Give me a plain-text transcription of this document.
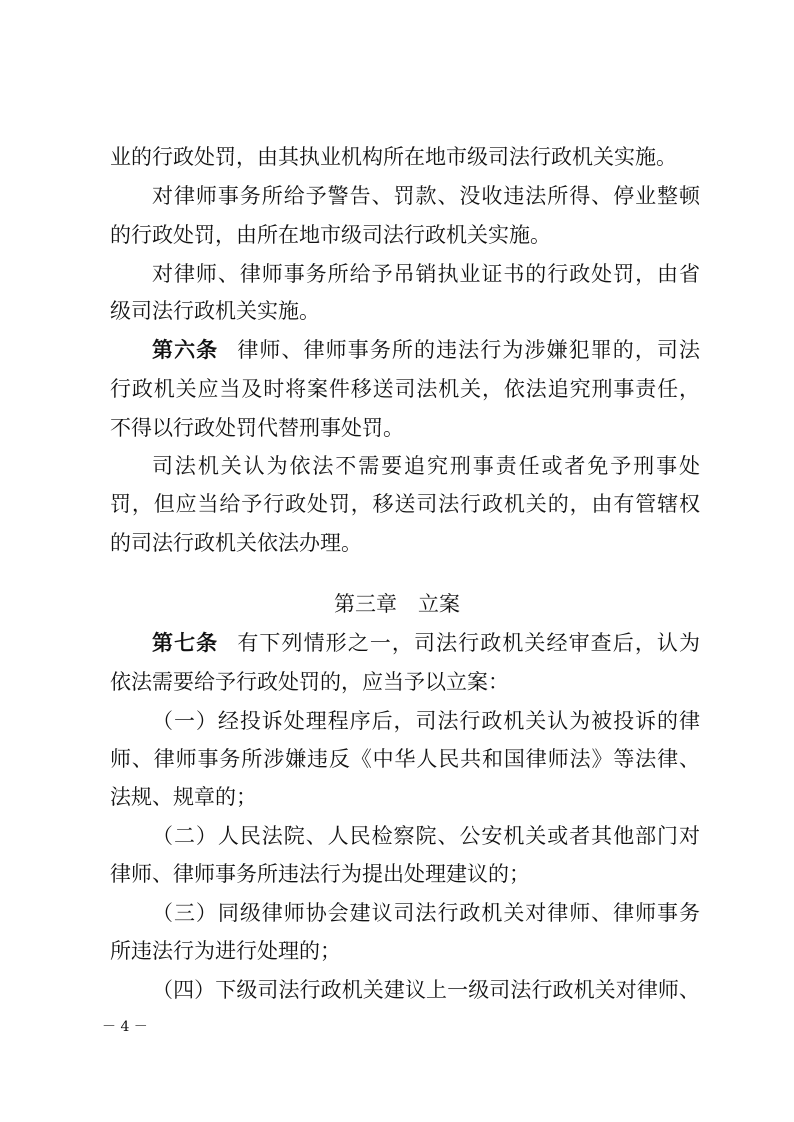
业的行政处罚，由其执业机构所在地市级司法行政机关实施。
对律师事务所给予警告、罚款、没收违法所得、停业整顿
的行政处罚，由所在地市级司法行政机关实施。
对律师、律师事务所给予吊销执业证书的行政处罚，由省
级司法行政机关实施。
第六条 律师、律师事务所的违法行为涉嫌犯罪的，司法
行政机关应当及时将案件移送司法机关，依法追究刑事责任，
不得以行政处罚代替刑事处罚。
司法机关认为依法不需要追究刑事责任或者免予刑事处
罚，但应当给予行政处罚，移送司法行政机关的，由有管辖权
的司法行政机关依法办理。
第三章　立案
第七条 有下列情形之一，司法行政机关经审查后，认为
依法需要给予行政处罚的，应当予以立案：
（一）经投诉处理程序后，司法行政机关认为被投诉的律
师、律师事务所涉嫌违反《中华人民共和国律师法》等法律、
法规、规章的；
（二）人民法院、人民检察院、公安机关或者其他部门对
律师、律师事务所违法行为提出处理建议的；
（三）同级律师协会建议司法行政机关对律师、律师事务
所违法行为进行处理的；
（四）下级司法行政机关建议上一级司法行政机关对律师、
－ 4 －
